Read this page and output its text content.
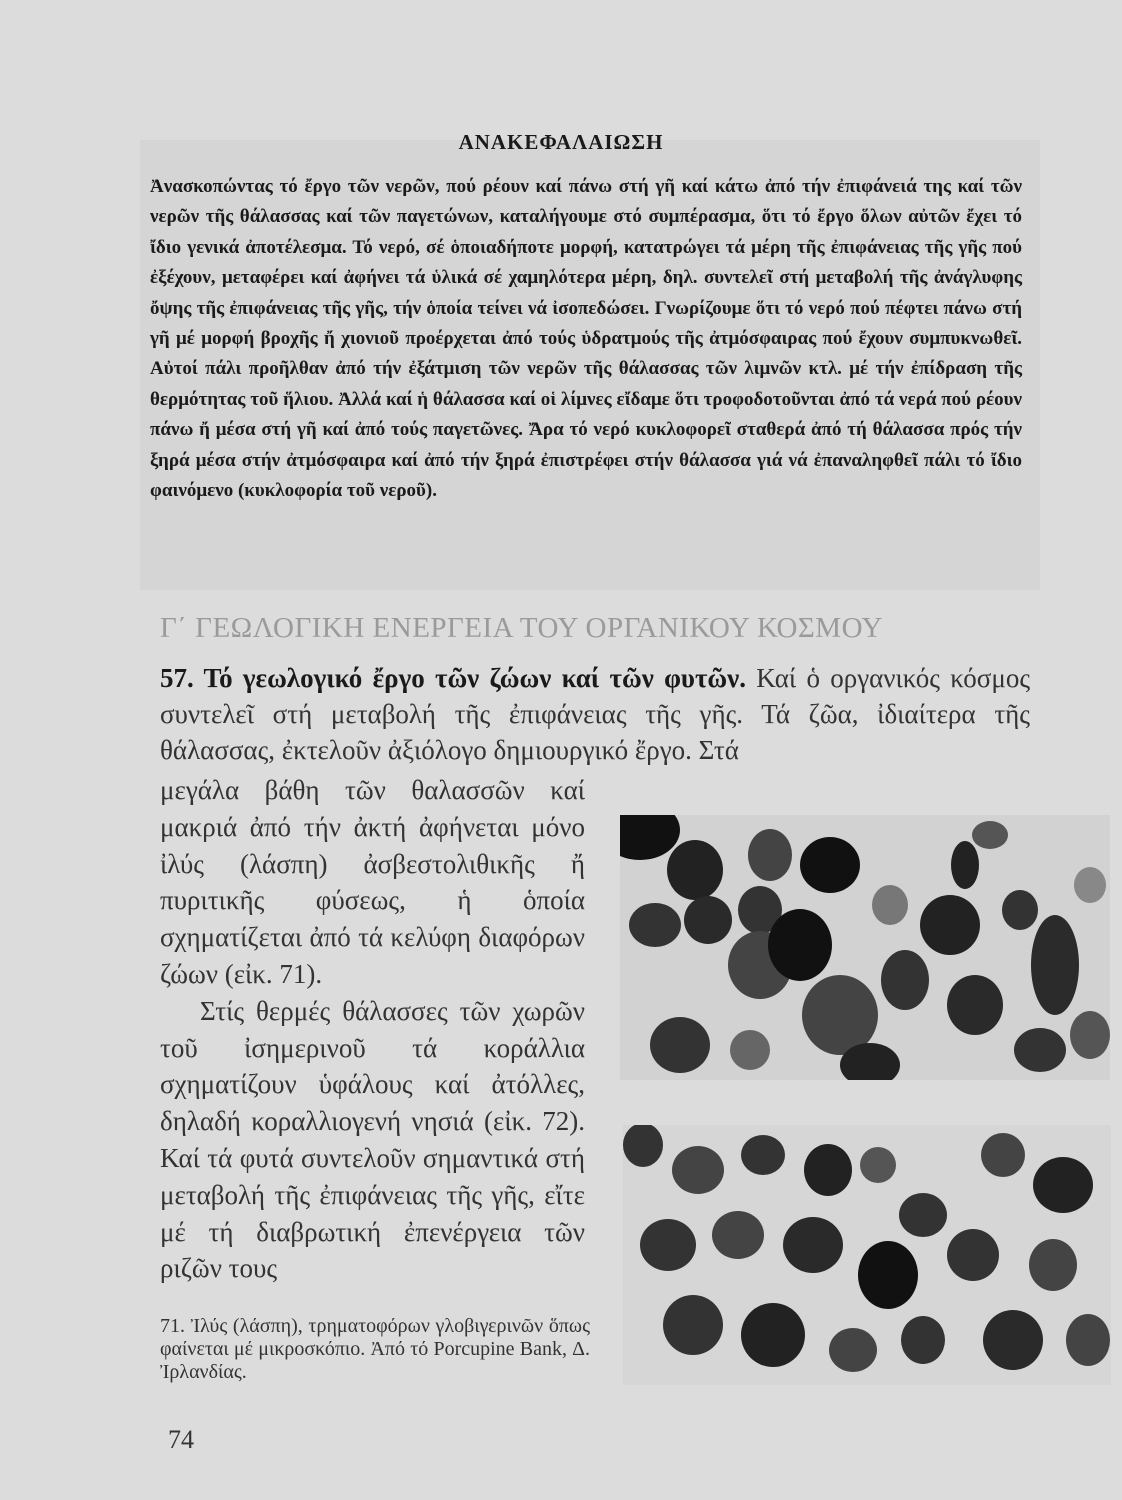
ΑΝΑΚΕΦΑΛΑΙΩΣΗ

Ἀνασκοπώντας τό ἔργο τῶν νερῶν, πού ρέουν καί πάνω στή γῆ καί κάτω ἀπό τήν ἐπιφάνειά της καί τῶν νερῶν τῆς θάλασσας καί τῶν παγετώνων, καταλήγουμε στό συμπέρασμα, ὅτι τό ἔργο ὅλων αὐτῶν ἔχει τό ἴδιο γενικά ἀποτέλεσμα. Τό νερό, σέ ὁποιαδήποτε μορφή, κατατρώγει τά μέρη τῆς ἐπιφάνειας τῆς γῆς πού ἐξέχουν, μεταφέρει καί ἀφήνει τά ὑλικά σέ χαμηλότερα μέρη, δηλ. συντελεῖ στή μεταβολή τῆς ἀνάγλυφης ὄψης τῆς ἐπιφάνειας τῆς γῆς, τήν ὁποία τείνει νά ἰσοπεδώσει. Γνωρίζουμε ὅτι τό νερό πού πέφτει πάνω στή γῆ μέ μορφή βροχῆς ἤ χιονιοῦ προέρχεται ἀπό τούς ὑδρατμούς τῆς ἀτμόσφαιρας πού ἔχουν συμπυκνωθεῖ. Αὐτοί πάλι προῆλθαν ἀπό τήν ἐξάτμιση τῶν νερῶν τῆς θάλασσας τῶν λιμνῶν κτλ. μέ τήν ἐπίδραση τῆς θερμότητας τοῦ ἥλιου. Ἀλλά καί ἡ θάλασσα καί οἱ λίμνες εἴδαμε ὅτι τροφοδοτοῦνται ἀπό τά νερά πού ρέουν πάνω ἤ μέσα στή γῆ καί ἀπό τούς παγετῶνες. Ἄρα τό νερό κυκλοφορεῖ σταθερά ἀπό τή θάλασσα πρός τήν ξηρά μέσα στήν ἀτμόσφαιρα καί ἀπό τήν ξηρά ἐπιστρέφει στήν θάλασσα γιά νά ἐπαναληφθεῖ πάλι τό ἴδιο φαινόμενο (κυκλοφορία τοῦ νεροῦ).

Γ΄ ΓΕΩΛΟΓΙΚΗ ΕΝΕΡΓΕΙΑ ΤΟΥ ΟΡΓΑΝΙΚΟΥ ΚΟΣΜΟΥ

57. Τό γεωλογικό ἔργο τῶν ζώων καί τῶν φυτῶν. Καί ὁ οργανικός κόσμος συντελεῖ στή μεταβολή τῆς ἐπιφάνειας τῆς γῆς. Τά ζῶα, ἰδιαίτερα τῆς θάλασσας, ἐκτελοῦν ἀξιόλογο δημιουργικό ἔργο. Στά

μεγάλα βάθη τῶν θαλασσῶν καί μακριά ἀπό τήν ἀκτή ἀφήνεται μόνο ἰλύς (λάσπη) ἀσβεστολιθικῆς ἤ πυριτικῆς φύσεως, ἡ ὁποία σχηματίζεται ἀπό τά κελύφη διαφόρων ζώων (εἰκ. 71).

Στίς θερμές θάλασσες τῶν χωρῶν τοῦ ἰσημερινοῦ τά κοράλλια σχηματίζουν ὑφάλους καί ἀτόλλες, δηλαδή κοραλλιογενή νησιά (εἰκ. 72). Καί τά φυτά συντελοῦν σημαντικά στή μεταβολή τῆς ἐπιφάνειας τῆς γῆς, εἴτε μέ τή διαβρωτική ἐπενέργεια τῶν ριζῶν τους

71. Ἰλύς (λάσπη), τρηματοφόρων γλοβιγερινῶν ὅπως φαίνεται μέ μικροσκόπιο. Ἀπό τό Porcupine Bank, Δ. Ἰρλανδίας.

74
